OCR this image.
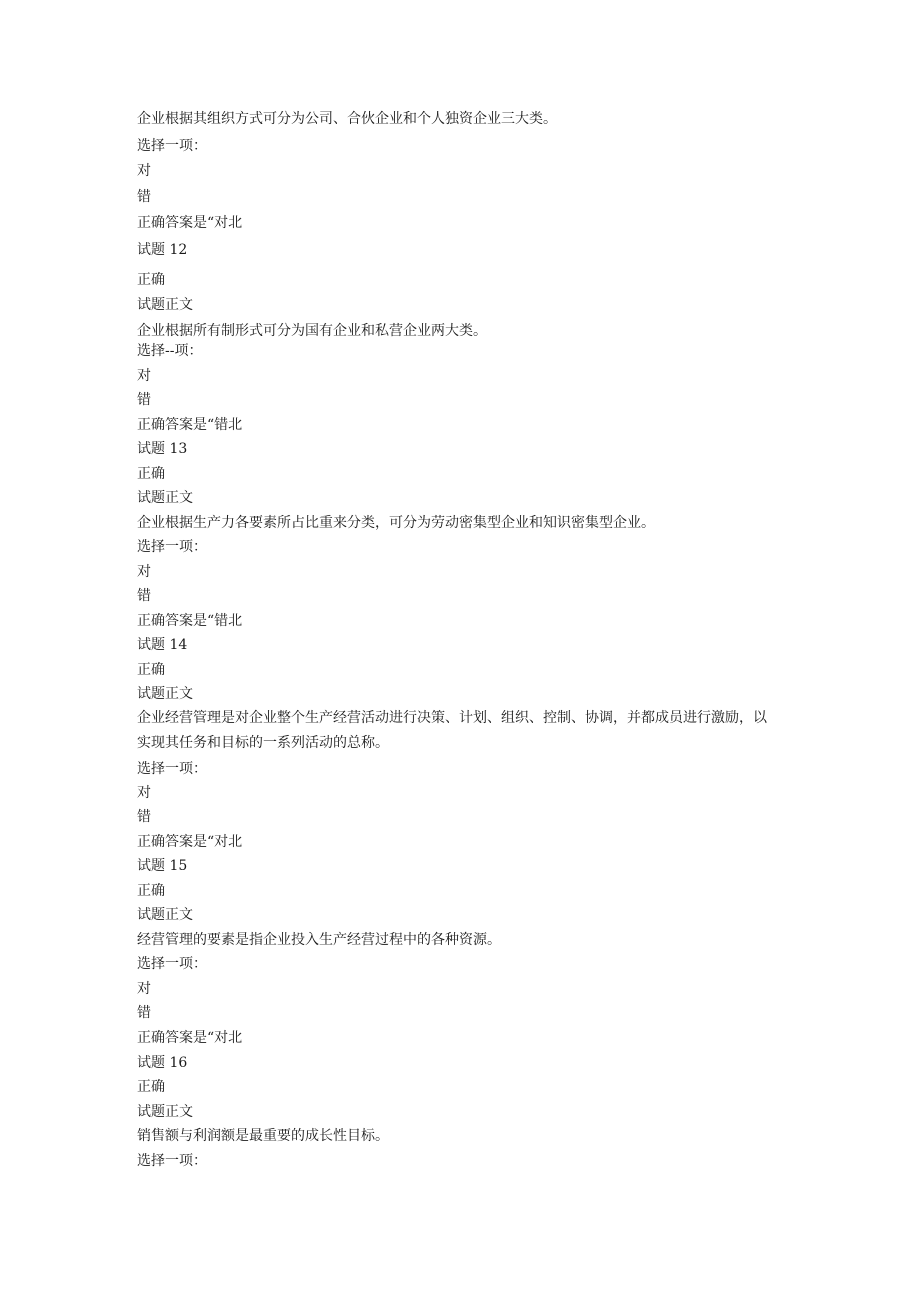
企业根据其组织方式可分为公司、合伙企业和个人独资企业三大类。

选择一项：

对

错

正确答案是“对北

试题 12

正确

试题正文

企业根据所有制形式可分为国有企业和私营企业两大类。

选择--项：

对

错

正确答案是“错北

试题 13

正确

试题正文

企业根据生产力各要素所占比重来分类，可分为劳动密集型企业和知识密集型企业。

选择一项：

对

错

正确答案是“错北

试题 14

正确

试题正文

企业经营管理是对企业整个生产经营活动进行决策、计划、组织、控制、协调，并都成员进行激励，以实现其任务和目标的一系列活动的总称。

选择一项：

对

错

正确答案是“对北

试题 15

正确

试题正文

经营管理的要素是指企业投入生产经营过程中的各种资源。

选择一项：

对

错

正确答案是“对北

试题 16

正确

试题正文

销售额与利润额是最重要的成长性目标。

选择一项：
